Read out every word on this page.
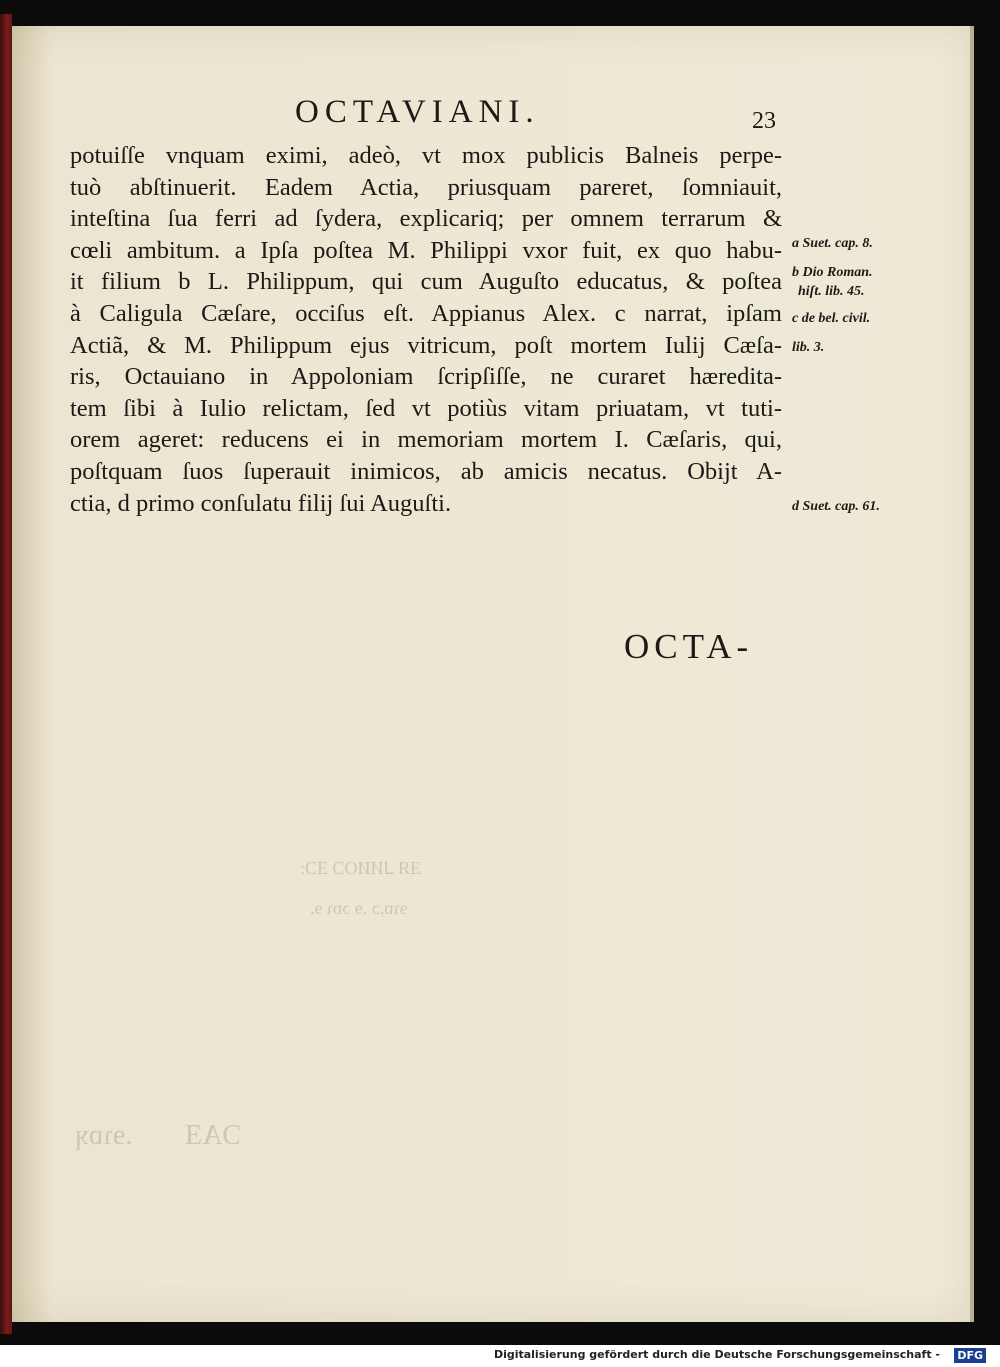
ƎЯ ⅃ИИOƆ ƎƆ:
ɘɿɒ,ɔ .ɘ ɔɒɿ ɘ.
.ɘɿɒʞ ƆAƎ
OCTAVIANI.	23
potuiſſe vnquam eximi, adeò, vt mox publicis Balneis perpe-
tuò abſtinuerit. Eadem Actia, priusquam pareret, ſomniauit,
inteſtina ſua ferri ad ſydera, explicariq; per omnem terrarum &
cœli ambitum. a Ipſa poſtea M. Philippi vxor fuit, ex quo habu-
it filium b L. Philippum, qui cum Auguſto educatus, & poſtea
à Caligula Cæſare, occiſus eſt. Appianus Alex. c narrat, ipſam
Actiã, & M. Philippum ejus vitricum, poſt mortem Iulij Cæſa-
ris, Octauiano in Appoloniam ſcripſiſſe, ne curaret hæredita-
tem ſibi à Iulio relictam, ſed vt potiùs vitam priuatam, vt tuti-
orem ageret: reducens ei in memoriam mortem I. Cæſaris, qui,
poſtquam ſuos ſuperauit inimicos, ab amicis necatus. Obijt A-
ctia, d primo conſulatu filij ſui Auguſti.
a Suet. cap. 8.
b Dio Roman.
hiſt. lib. 45.
c de bel. civil.
lib. 3.
d Suet. cap. 61.
OCTA-
Digitalisierung gefördert durch die Deutsche Forschungsgemeinschaft - DFG
